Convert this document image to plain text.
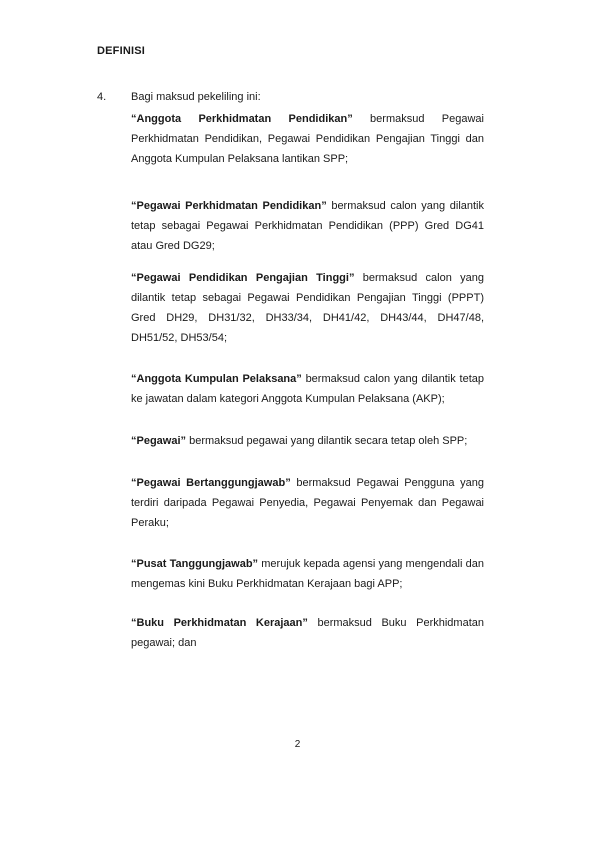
DEFINISI
4. Bagi maksud pekeliling ini:

“Anggota Perkhidmatan Pendidikan” bermaksud Pegawai Perkhidmatan Pendidikan, Pegawai Pendidikan Pengajian Tinggi dan Anggota Kumpulan Pelaksana lantikan SPP;

“Pegawai Perkhidmatan Pendidikan” bermaksud calon yang dilantik tetap sebagai Pegawai Perkhidmatan Pendidikan (PPP) Gred DG41 atau Gred DG29;

“Pegawai Pendidikan Pengajian Tinggi” bermaksud calon yang dilantik tetap sebagai Pegawai Pendidikan Pengajian Tinggi (PPPT) Gred DH29, DH31/32, DH33/34, DH41/42, DH43/44, DH47/48, DH51/52, DH53/54;

“Anggota Kumpulan Pelaksana” bermaksud calon yang dilantik tetap ke jawatan dalam kategori Anggota Kumpulan Pelaksana (AKP);

“Pegawai” bermaksud pegawai yang dilantik secara tetap oleh SPP;

“Pegawai Bertanggungjawab” bermaksud Pegawai Pengguna yang terdiri daripada Pegawai Penyedia, Pegawai Penyemak dan Pegawai Peraku;

“Pusat Tanggungjawab” merujuk kepada agensi yang mengendali dan mengemas kini Buku Perkhidmatan Kerajaan bagi APP;

“Buku Perkhidmatan Kerajaan” bermaksud Buku Perkhidmatan pegawai; dan

2
